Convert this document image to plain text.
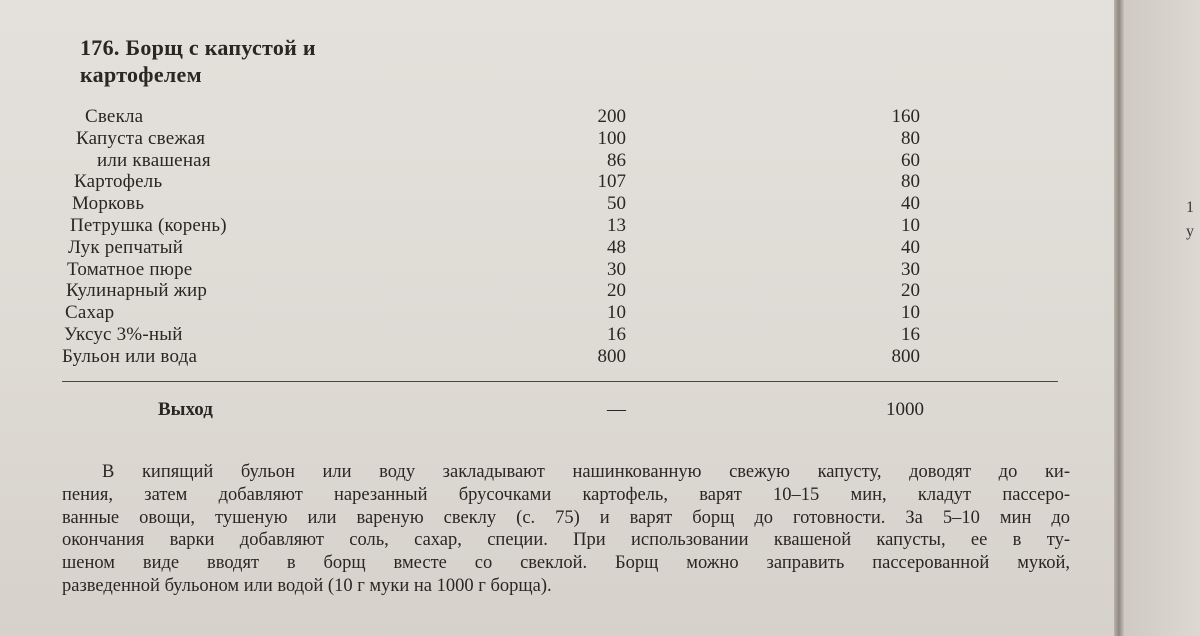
176. Борщ с капустой и
картофелем
Свекла	200	160
Капуста свежая	100	80
или квашеная	86	60
Картофель	107	80
Морковь	50	40
Петрушка (корень)	13	10
Лук репчатый	48	40
Томатное пюре	30	30
Кулинарный жир	20	20
Сахар	10	10
Уксус 3%-ный	16	16
Бульон или вода	800	800
Выход	—	1000
В кипящий бульон или воду закладывают нашинкованную свежую капусту, доводят до ки-
пения, затем добавляют нарезанный брусочками картофель, варят 10–15 мин, кладут пассеро-
ванные овощи, тушеную или вареную свеклу (с. 75) и варят борщ до готовности. За 5–10 мин до
окончания варки добавляют соль, сахар, специи. При использовании квашеной капусты, ее в ту-
шеном виде вводят в борщ вместе со свеклой. Борщ можно заправить пассерованной мукой,
разведенной бульоном или водой (10 г муки на 1000 г борща).
1
у
